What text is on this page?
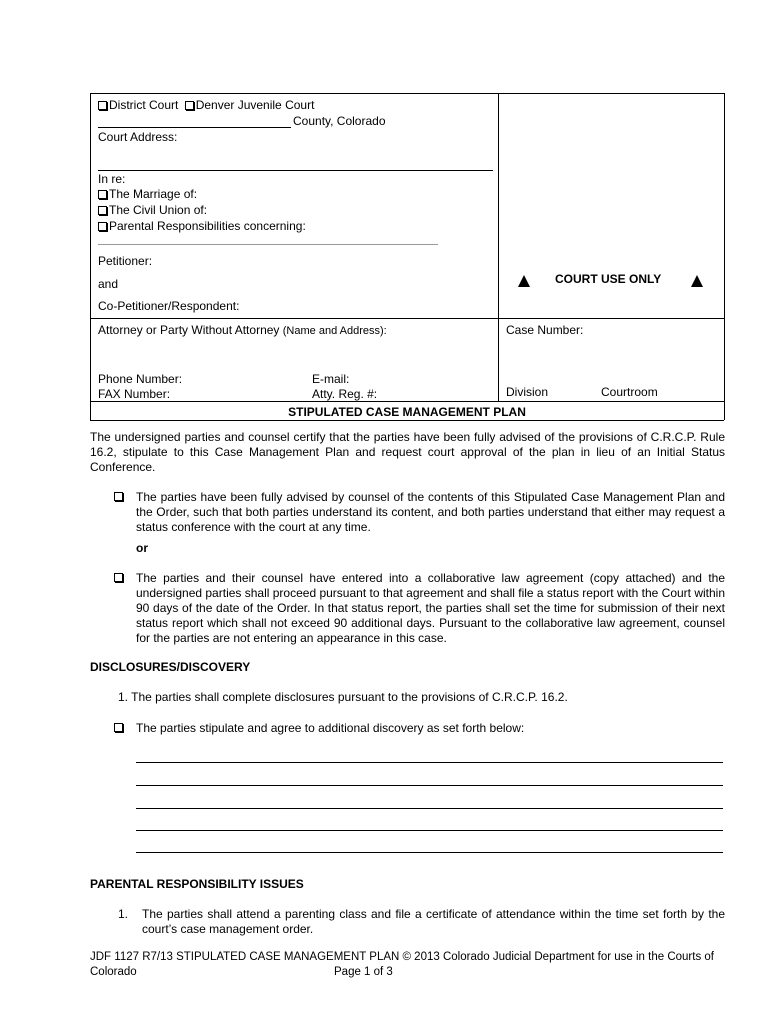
District Court Denver Juvenile Court
County, Colorado
Court Address:
In re:
The Marriage of:
The Civil Union of:
Parental Responsibilities concerning:
Petitioner:
and
Co-Petitioner/Respondent:
COURT USE ONLY
Attorney or Party Without Attorney (Name and Address):	Case Number:
Phone Number:	E-mail:
FAX Number:	Atty. Reg. #:	Division	Courtroom
STIPULATED CASE MANAGEMENT PLAN
The undersigned parties and counsel certify that the parties have been fully advised of the provisions of C.R.C.P. Rule 16.2, stipulate to this Case Management Plan and request court approval of the plan in lieu of an Initial Status Conference.
The parties have been fully advised by counsel of the contents of this Stipulated Case Management Plan and the Order, such that both parties understand its content, and both parties understand that either may request a status conference with the court at any time.
or
The parties and their counsel have entered into a collaborative law agreement (copy attached) and the undersigned parties shall proceed pursuant to that agreement and shall file a status report with the Court within 90 days of the date of the Order. In that status report, the parties shall set the time for submission of their next status report which shall not exceed 90 additional days. Pursuant to the collaborative law agreement, counsel for the parties are not entering an appearance in this case.
DISCLOSURES/DISCOVERY
1. The parties shall complete disclosures pursuant to the provisions of C.R.C.P. 16.2.
The parties stipulate and agree to additional discovery as set forth below:
PARENTAL RESPONSIBILITY ISSUES
1. The parties shall attend a parenting class and file a certificate of attendance within the time set forth by the court’s case management order.
JDF 1127 R7/13 STIPULATED CASE MANAGEMENT PLAN © 2013 Colorado Judicial Department for use in the Courts of
Colorado	Page 1 of 3
